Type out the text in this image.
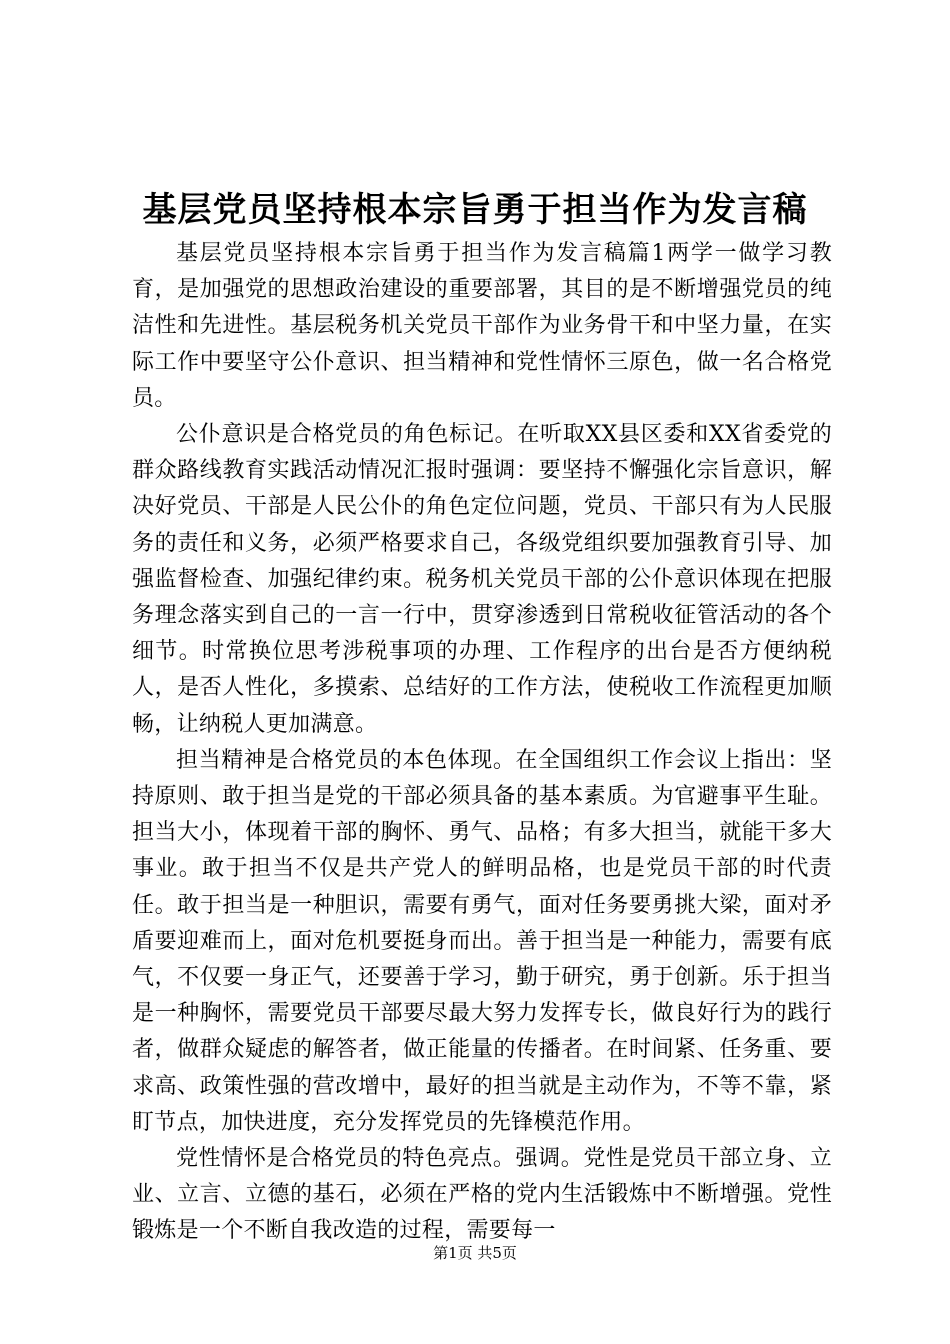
基层党员坚持根本宗旨勇于担当作为发言稿

基层党员坚持根本宗旨勇于担当作为发言稿篇1两学一做学习教育，是加强党的思想政治建设的重要部署，其目的是不断增强党员的纯洁性和先进性。基层税务机关党员干部作为业务骨干和中坚力量，在实际工作中要坚守公仆意识、担当精神和党性情怀三原色，做一名合格党员。

公仆意识是合格党员的角色标记。在听取XX县区委和XX省委党的群众路线教育实践活动情况汇报时强调：要坚持不懈强化宗旨意识，解决好党员、干部是人民公仆的角色定位问题，党员、干部只有为人民服务的责任和义务，必须严格要求自己，各级党组织要加强教育引导、加强监督检查、加强纪律约束。税务机关党员干部的公仆意识体现在把服务理念落实到自己的一言一行中，贯穿渗透到日常税收征管活动的各个细节。时常换位思考涉税事项的办理、工作程序的出台是否方便纳税人，是否人性化，多摸索、总结好的工作方法，使税收工作流程更加顺畅，让纳税人更加满意。

担当精神是合格党员的本色体现。在全国组织工作会议上指出：坚持原则、敢于担当是党的干部必须具备的基本素质。为官避事平生耻。担当大小，体现着干部的胸怀、勇气、品格；有多大担当，就能干多大事业。敢于担当不仅是共产党人的鲜明品格，也是党员干部的时代责任。敢于担当是一种胆识，需要有勇气，面对任务要勇挑大梁，面对矛盾要迎难而上，面对危机要挺身而出。善于担当是一种能力，需要有底气，不仅要一身正气，还要善于学习，勤于研究，勇于创新。乐于担当是一种胸怀，需要党员干部要尽最大努力发挥专长，做良好行为的践行者，做群众疑虑的解答者，做正能量的传播者。在时间紧、任务重、要求高、政策性强的营改增中，最好的担当就是主动作为，不等不靠，紧盯节点，加快进度，充分发挥党员的先锋模范作用。

党性情怀是合格党员的特色亮点。强调。党性是党员干部立身、立业、立言、立德的基石，必须在严格的党内生活锻炼中不断增强。党性锻炼是一个不断自我改造的过程，需要每一

第1页 共5页
